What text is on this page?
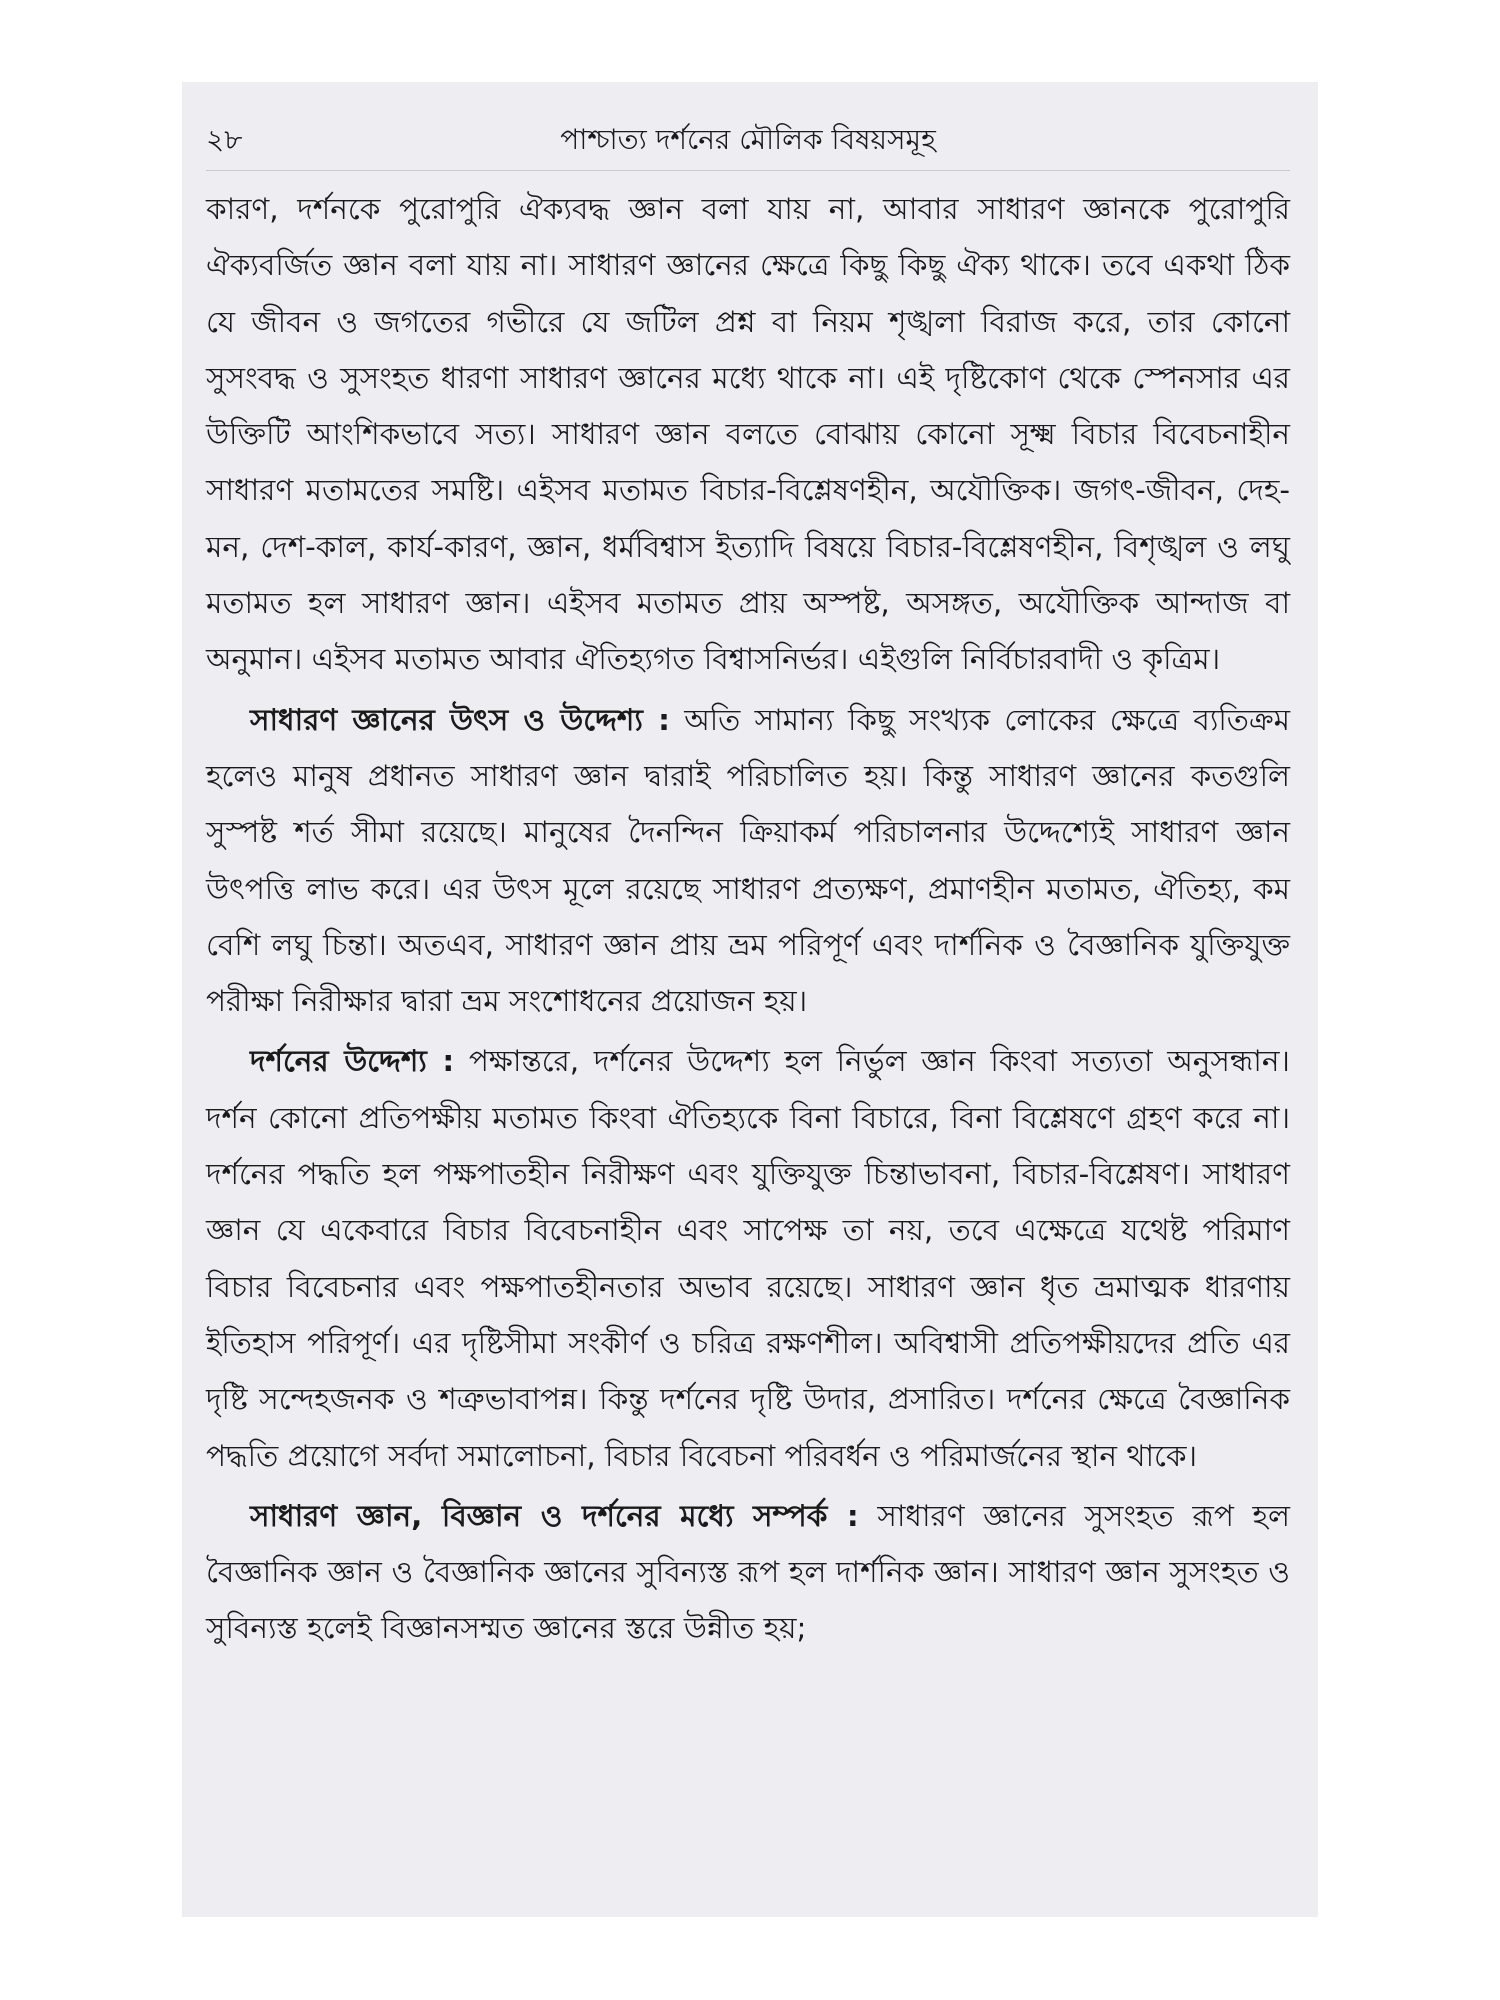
২৮	পাশ্চাত্য দর্শনের মৌলিক বিষয়সমূহ

কারণ, দর্শনকে পুরোপুরি ঐক্যবদ্ধ জ্ঞান বলা যায় না, আবার সাধারণ জ্ঞানকে পুরোপুরি ঐক্যবর্জিত জ্ঞান বলা যায় না। সাধারণ জ্ঞানের ক্ষেত্রে কিছু কিছু ঐক্য থাকে। তবে একথা ঠিক যে জীবন ও জগতের গভীরে যে জটিল প্রশ্ন বা নিয়ম শৃঙ্খলা বিরাজ করে, তার কোনো সুসংবদ্ধ ও সুসংহত ধারণা সাধারণ জ্ঞানের মধ্যে থাকে না। এই দৃষ্টিকোণ থেকে স্পেনসার এর উক্তিটি আংশিকভাবে সত্য। সাধারণ জ্ঞান বলতে বোঝায় কোনো সূক্ষ্ম বিচার বিবেচনাহীন সাধারণ মতামতের সমষ্টি। এইসব মতামত বিচার-বিশ্লেষণহীন, অযৌক্তিক। জগৎ-জীবন, দেহ-মন, দেশ-কাল, কার্য-কারণ, জ্ঞান, ধর্মবিশ্বাস ইত্যাদি বিষয়ে বিচার-বিশ্লেষণহীন, বিশৃঙ্খল ও লঘু মতামত হল সাধারণ জ্ঞান। এইসব মতামত প্রায় অস্পষ্ট, অসঙ্গত, অযৌক্তিক আন্দাজ বা অনুমান। এইসব মতামত আবার ঐতিহ্যগত বিশ্বাসনির্ভর। এইগুলি নির্বিচারবাদী ও কৃত্রিম।

সাধারণ জ্ঞানের উৎস ও উদ্দেশ্য : অতি সামান্য কিছু সংখ্যক লোকের ক্ষেত্রে ব্যতিক্রম হলেও মানুষ প্রধানত সাধারণ জ্ঞান দ্বারাই পরিচালিত হয়। কিন্তু সাধারণ জ্ঞানের কতগুলি সুস্পষ্ট শর্ত সীমা রয়েছে। মানুষের দৈনন্দিন ক্রিয়াকর্ম পরিচালনার উদ্দেশ্যেই সাধারণ জ্ঞান উৎপত্তি লাভ করে। এর উৎস মূলে রয়েছে সাধারণ প্রত্যক্ষণ, প্রমাণহীন মতামত, ঐতিহ্য, কম বেশি লঘু চিন্তা। অতএব, সাধারণ জ্ঞান প্রায় ভ্রম পরিপূর্ণ এবং দার্শনিক ও বৈজ্ঞানিক যুক্তিযুক্ত পরীক্ষা নিরীক্ষার দ্বারা ভ্রম সংশোধনের প্রয়োজন হয়।

দর্শনের উদ্দেশ্য : পক্ষান্তরে, দর্শনের উদ্দেশ্য হল নির্ভুল জ্ঞান কিংবা সত্যতা অনুসন্ধান। দর্শন কোনো প্রতিপক্ষীয় মতামত কিংবা ঐতিহ্যকে বিনা বিচারে, বিনা বিশ্লেষণে গ্রহণ করে না। দর্শনের পদ্ধতি হল পক্ষপাতহীন নিরীক্ষণ এবং যুক্তিযুক্ত চিন্তাভাবনা, বিচার-বিশ্লেষণ। সাধারণ জ্ঞান যে একেবারে বিচার বিবেচনাহীন এবং সাপেক্ষ তা নয়, তবে এক্ষেত্রে যথেষ্ট পরিমাণ বিচার বিবেচনার এবং পক্ষপাতহীনতার অভাব রয়েছে। সাধারণ জ্ঞান ধৃত ভ্রমাত্মক ধারণায় ইতিহাস পরিপূর্ণ। এর দৃষ্টিসীমা সংকীর্ণ ও চরিত্র রক্ষণশীল। অবিশ্বাসী প্রতিপক্ষীয়দের প্রতি এর দৃষ্টি সন্দেহজনক ও শত্রুভাবাপন্ন। কিন্তু দর্শনের দৃষ্টি উদার, প্রসারিত। দর্শনের ক্ষেত্রে বৈজ্ঞানিক পদ্ধতি প্রয়োগে সর্বদা সমালোচনা, বিচার বিবেচনা পরিবর্ধন ও পরিমার্জনের স্থান থাকে।

সাধারণ জ্ঞান, বিজ্ঞান ও দর্শনের মধ্যে সম্পর্ক : সাধারণ জ্ঞানের সুসংহত রূপ হল বৈজ্ঞানিক জ্ঞান ও বৈজ্ঞানিক জ্ঞানের সুবিন্যস্ত রূপ হল দার্শনিক জ্ঞান। সাধারণ জ্ঞান সুসংহত ও সুবিন্যস্ত হলেই বিজ্ঞানসম্মত জ্ঞানের স্তরে উন্নীত হয়;
